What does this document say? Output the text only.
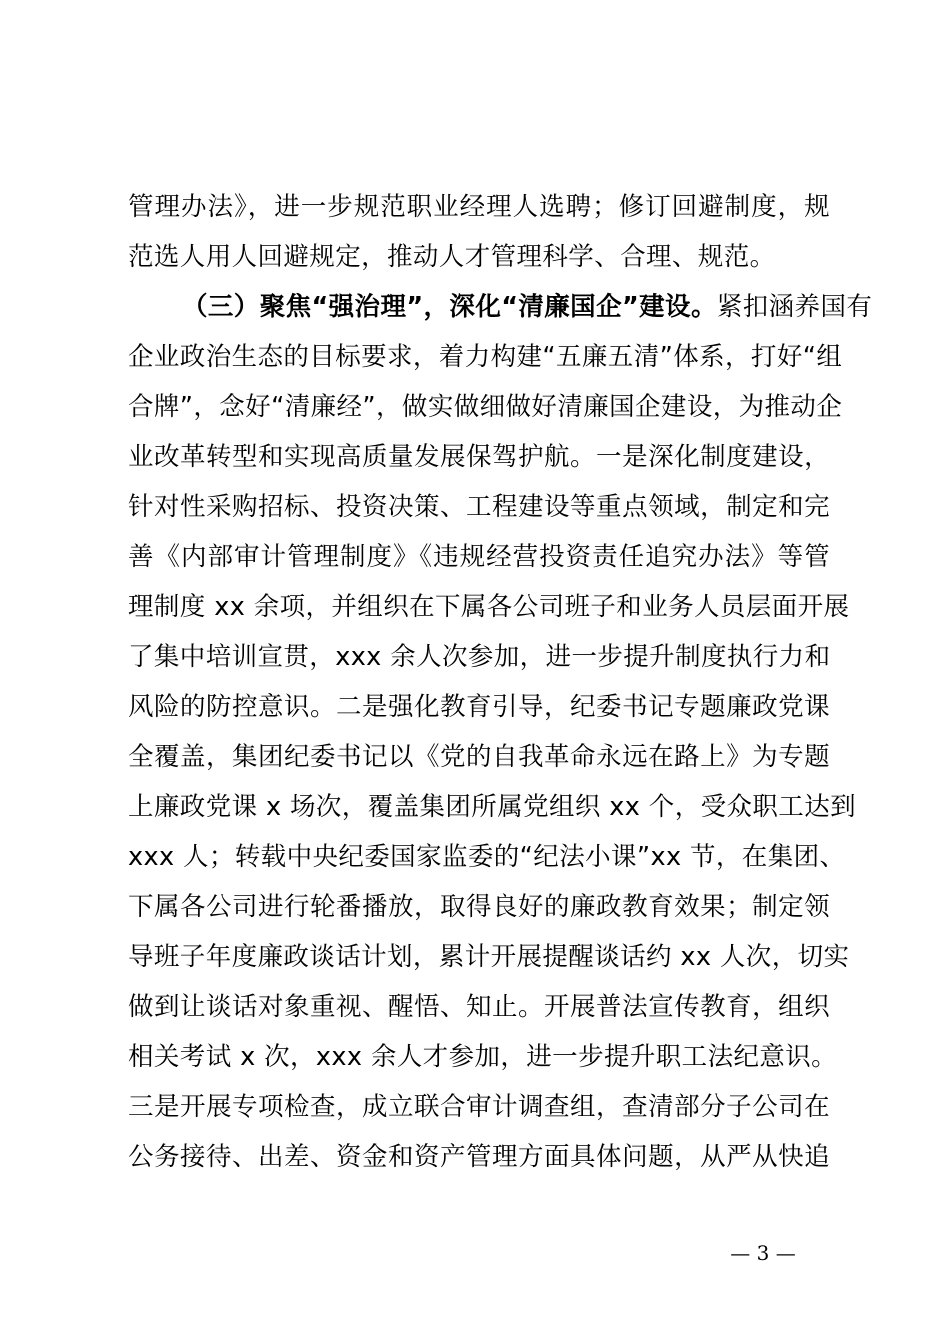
管理办法》，进一步规范职业经理人选聘；修订回避制度，规
范选人用人回避规定，推动人才管理科学、合理、规范。
（三）聚焦“强治理”，深化“清廉国企”建设。紧扣涵养国有
企业政治生态的目标要求，着力构建“五廉五清”体系，打好“组
合牌”，念好“清廉经”，做实做细做好清廉国企建设，为推动企
业改革转型和实现高质量发展保驾护航。一是深化制度建设，
针对性采购招标、投资决策、工程建设等重点领域，制定和完
善《内部审计管理制度》《违规经营投资责任追究办法》等管
理制度 xx 余项，并组织在下属各公司班子和业务人员层面开展
了集中培训宣贯，xxx 余人次参加，进一步提升制度执行力和
风险的防控意识。二是强化教育引导，纪委书记专题廉政党课
全覆盖，集团纪委书记以《党的自我革命永远在路上》为专题
上廉政党课 x 场次，覆盖集团所属党组织 xx 个，受众职工达到
xxx 人；转载中央纪委国家监委的“纪法小课”xx 节，在集团、
下属各公司进行轮番播放，取得良好的廉政教育效果；制定领
导班子年度廉政谈话计划，累计开展提醒谈话约 xx 人次，切实
做到让谈话对象重视、醒悟、知止。开展普法宣传教育，组织
相关考试 x 次，xxx 余人才参加，进一步提升职工法纪意识。
三是开展专项检查，成立联合审计调查组，查清部分子公司在
公务接待、出差、资金和资产管理方面具体问题，从严从快追
— 3 —
